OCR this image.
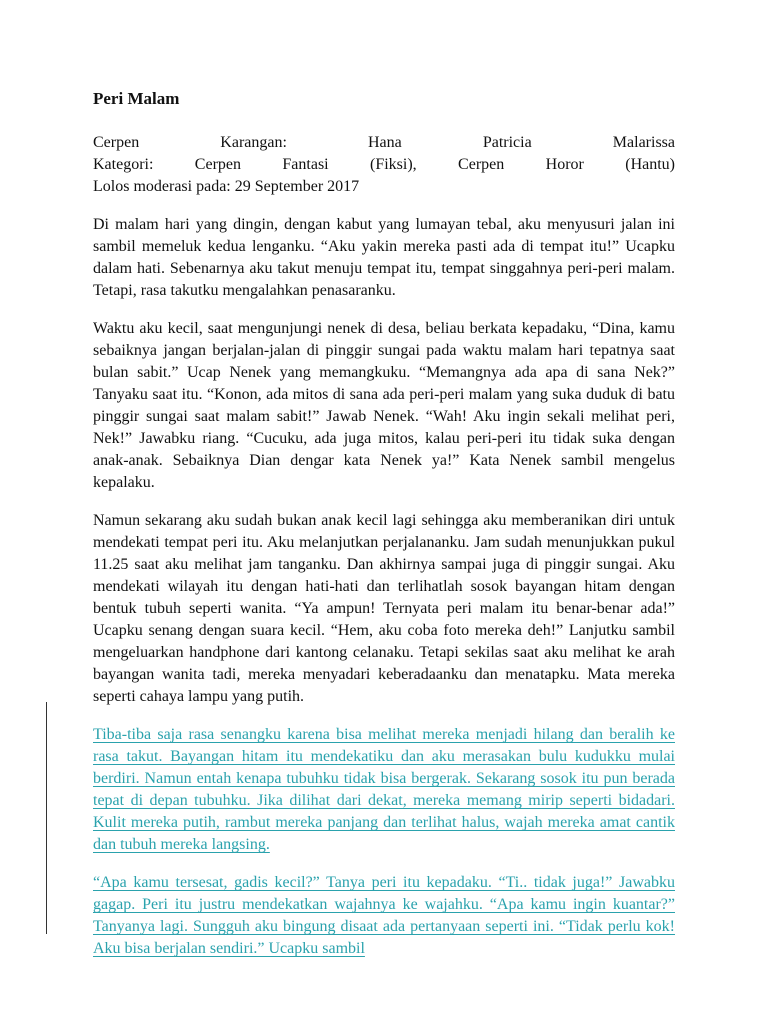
Peri Malam
Cerpen Karangan: Hana Patricia Malarissa
Kategori: Cerpen Fantasi (Fiksi), Cerpen Horor (Hantu)
Lolos moderasi pada: 29 September 2017

Di malam hari yang dingin, dengan kabut yang lumayan tebal, aku menyusuri jalan ini sambil memeluk kedua lenganku. “Aku yakin mereka pasti ada di tempat itu!” Ucapku dalam hati. Sebenarnya aku takut menuju tempat itu, tempat singgahnya peri-peri malam. Tetapi, rasa takutku mengalahkan penasaranku.

Waktu aku kecil, saat mengunjungi nenek di desa, beliau berkata kepadaku, “Dina, kamu sebaiknya jangan berjalan-jalan di pinggir sungai pada waktu malam hari tepatnya saat bulan sabit.” Ucap Nenek yang memangkuku. “Memangnya ada apa di sana Nek?” Tanyaku saat itu. “Konon, ada mitos di sana ada peri-peri malam yang suka duduk di batu pinggir sungai saat malam sabit!” Jawab Nenek. “Wah! Aku ingin sekali melihat peri, Nek!” Jawabku riang. “Cucuku, ada juga mitos, kalau peri-peri itu tidak suka dengan anak-anak. Sebaiknya Dian dengar kata Nenek ya!” Kata Nenek sambil mengelus kepalaku.

Namun sekarang aku sudah bukan anak kecil lagi sehingga aku memberanikan diri untuk mendekati tempat peri itu. Aku melanjutkan perjalananku. Jam sudah menunjukkan pukul 11.25 saat aku melihat jam tanganku. Dan akhirnya sampai juga di pinggir sungai. Aku mendekati wilayah itu dengan hati-hati dan terlihatlah sosok bayangan hitam dengan bentuk tubuh seperti wanita. “Ya ampun! Ternyata peri malam itu benar-benar ada!” Ucapku senang dengan suara kecil. “Hem, aku coba foto mereka deh!” Lanjutku sambil mengeluarkan handphone dari kantong celanaku. Tetapi sekilas saat aku melihat ke arah bayangan wanita tadi, mereka menyadari keberadaanku dan menatapku. Mata mereka seperti cahaya lampu yang putih.

Tiba-tiba saja rasa senangku karena bisa melihat mereka menjadi hilang dan beralih ke rasa takut. Bayangan hitam itu mendekatiku dan aku merasakan bulu kudukku mulai berdiri. Namun entah kenapa tubuhku tidak bisa bergerak. Sekarang sosok itu pun berada tepat di depan tubuhku. Jika dilihat dari dekat, mereka memang mirip seperti bidadari. Kulit mereka putih, rambut mereka panjang dan terlihat halus, wajah mereka amat cantik dan tubuh mereka langsing.

“Apa kamu tersesat, gadis kecil?” Tanya peri itu kepadaku. “Ti.. tidak juga!” Jawabku gagap. Peri itu justru mendekatkan wajahnya ke wajahku. “Apa kamu ingin kuantar?” Tanyanya lagi. Sungguh aku bingung disaat ada pertanyaan seperti ini. “Tidak perlu kok! Aku bisa berjalan sendiri.” Ucapku sambil
